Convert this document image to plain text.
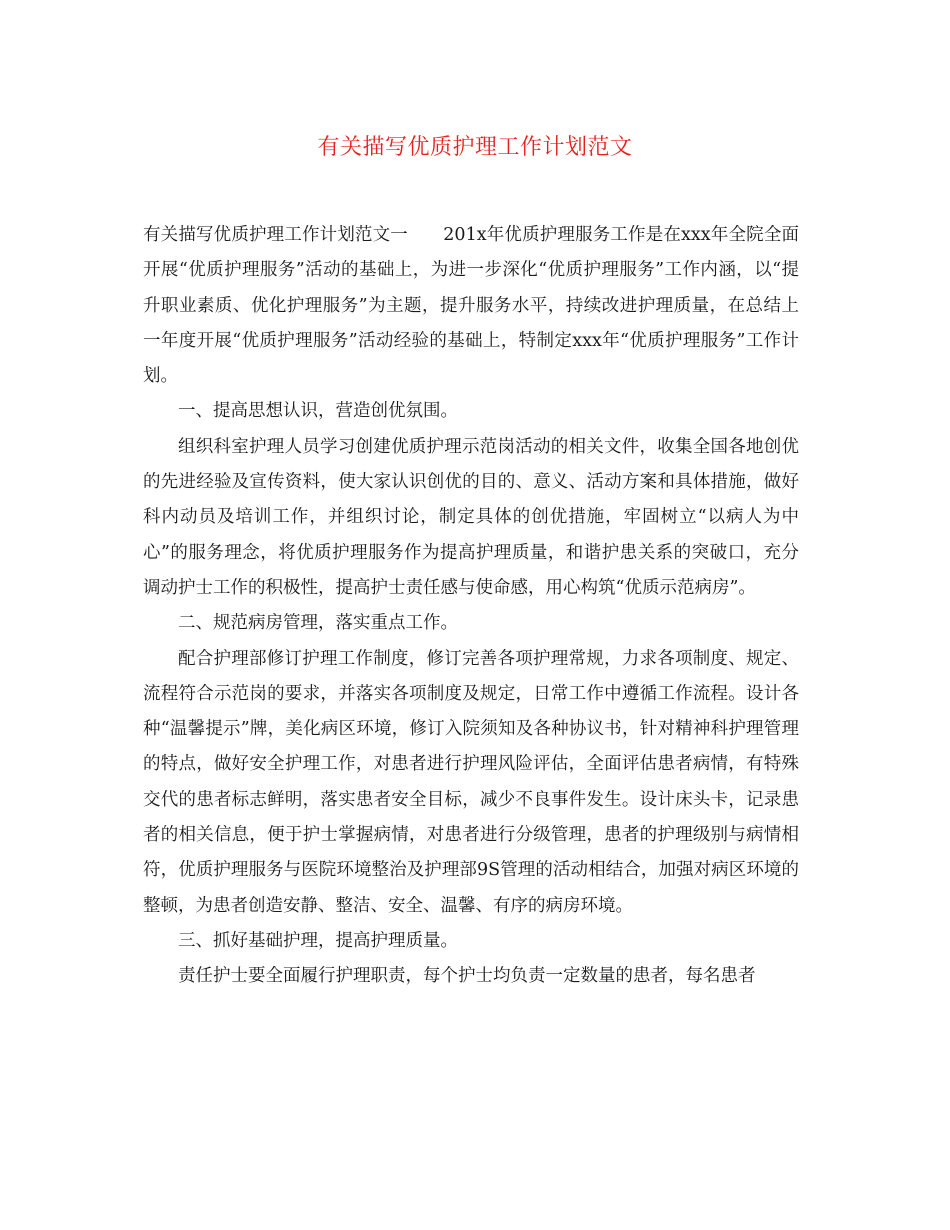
有关描写优质护理工作计划范文

有关描写优质护理工作计划范文一　　201x年优质护理服务工作是在xxx年全院全面开展“优质护理服务”活动的基础上，为进一步深化“优质护理服务”工作内涵，以“提升职业素质、优化护理服务”为主题，提升服务水平，持续改进护理质量，在总结上一年度开展“优质护理服务”活动经验的基础上，特制定xxx年“优质护理服务”工作计划。

一、提高思想认识，营造创优氛围。

组织科室护理人员学习创建优质护理示范岗活动的相关文件，收集全国各地创优的先进经验及宣传资料，使大家认识创优的目的、意义、活动方案和具体措施，做好科内动员及培训工作，并组织讨论，制定具体的创优措施，牢固树立“以病人为中心”的服务理念，将优质护理服务作为提高护理质量，和谐护患关系的突破口，充分调动护士工作的积极性，提高护士责任感与使命感，用心构筑“优质示范病房”。

二、规范病房管理，落实重点工作。

配合护理部修订护理工作制度，修订完善各项护理常规，力求各项制度、规定、流程符合示范岗的要求，并落实各项制度及规定，日常工作中遵循工作流程。设计各种“温馨提示”牌，美化病区环境，修订入院须知及各种协议书，针对精神科护理管理的特点，做好安全护理工作，对患者进行护理风险评估，全面评估患者病情，有特殊交代的患者标志鲜明，落实患者安全目标，减少不良事件发生。设计床头卡，记录患者的相关信息，便于护士掌握病情，对患者进行分级管理，患者的护理级别与病情相符，优质护理服务与医院环境整治及护理部9S管理的活动相结合，加强对病区环境的整顿，为患者创造安静、整洁、安全、温馨、有序的病房环境。

三、抓好基础护理，提高护理质量。

责任护士要全面履行护理职责，每个护士均负责一定数量的患者，每名患者
